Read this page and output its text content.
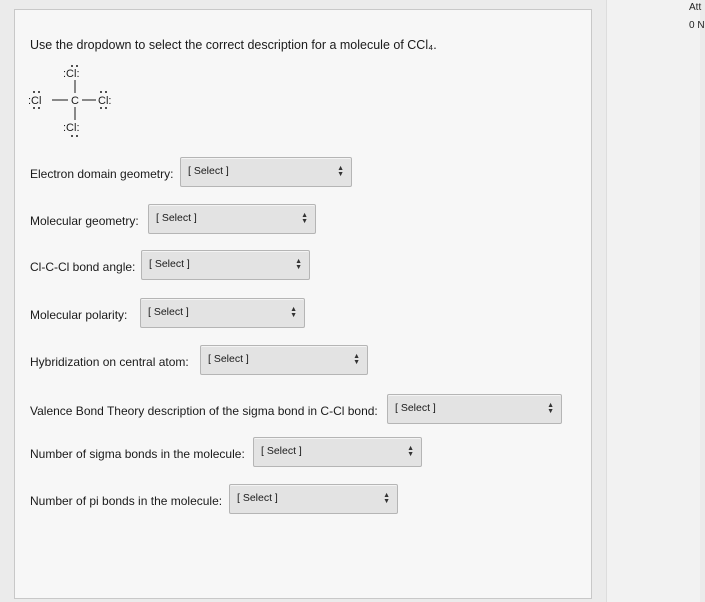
Att
0 N
Use the dropdown to select the correct description for a molecule of CCl₄.
:Cl:
:Cl	C Cl:
:Cl:
Electron domain geometry: [ Select ]	▲
▼
Molecular geometry: [ Select ]	▲
▼
Cl-C-Cl bond angle: [ Select ]	▲
▼
Molecular polarity: [ Select ]	▲
▼
Hybridization on central atom: [ Select ]	▲
▼
Valence Bond Theory description of the sigma bond in C-Cl bond: [ Select ]	▲
▼
Number of sigma bonds in the molecule: [ Select ]	▲
▼
Number of pi bonds in the molecule: [ Select ]	▲
▼
